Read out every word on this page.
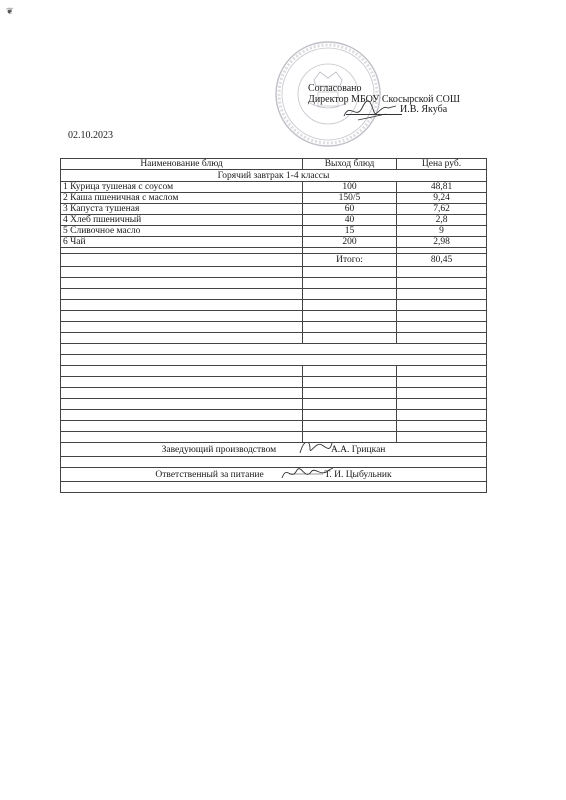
❦
Согласовано
Директор МБОУ Скосырской СОШ
И.В. Якуба
02.10.2023
Наименование блюд	Выход блюд	Цена руб.
Горячий завтрак 1-4 классы		
1 Курица тушеная с соусом	100	48,81
2 Каша пшеничная с маслом	150/5	9,24
3 Капуста тушеная	60	7,62
4 Хлеб пшеничный	40	2,8
5 Сливочное масло	15	9
6 Чай	200	2,98

	Итого:	80,45

Заведующий производством А.А. Грицкан		

Ответственный за питание Т. И. Цыбульник		
